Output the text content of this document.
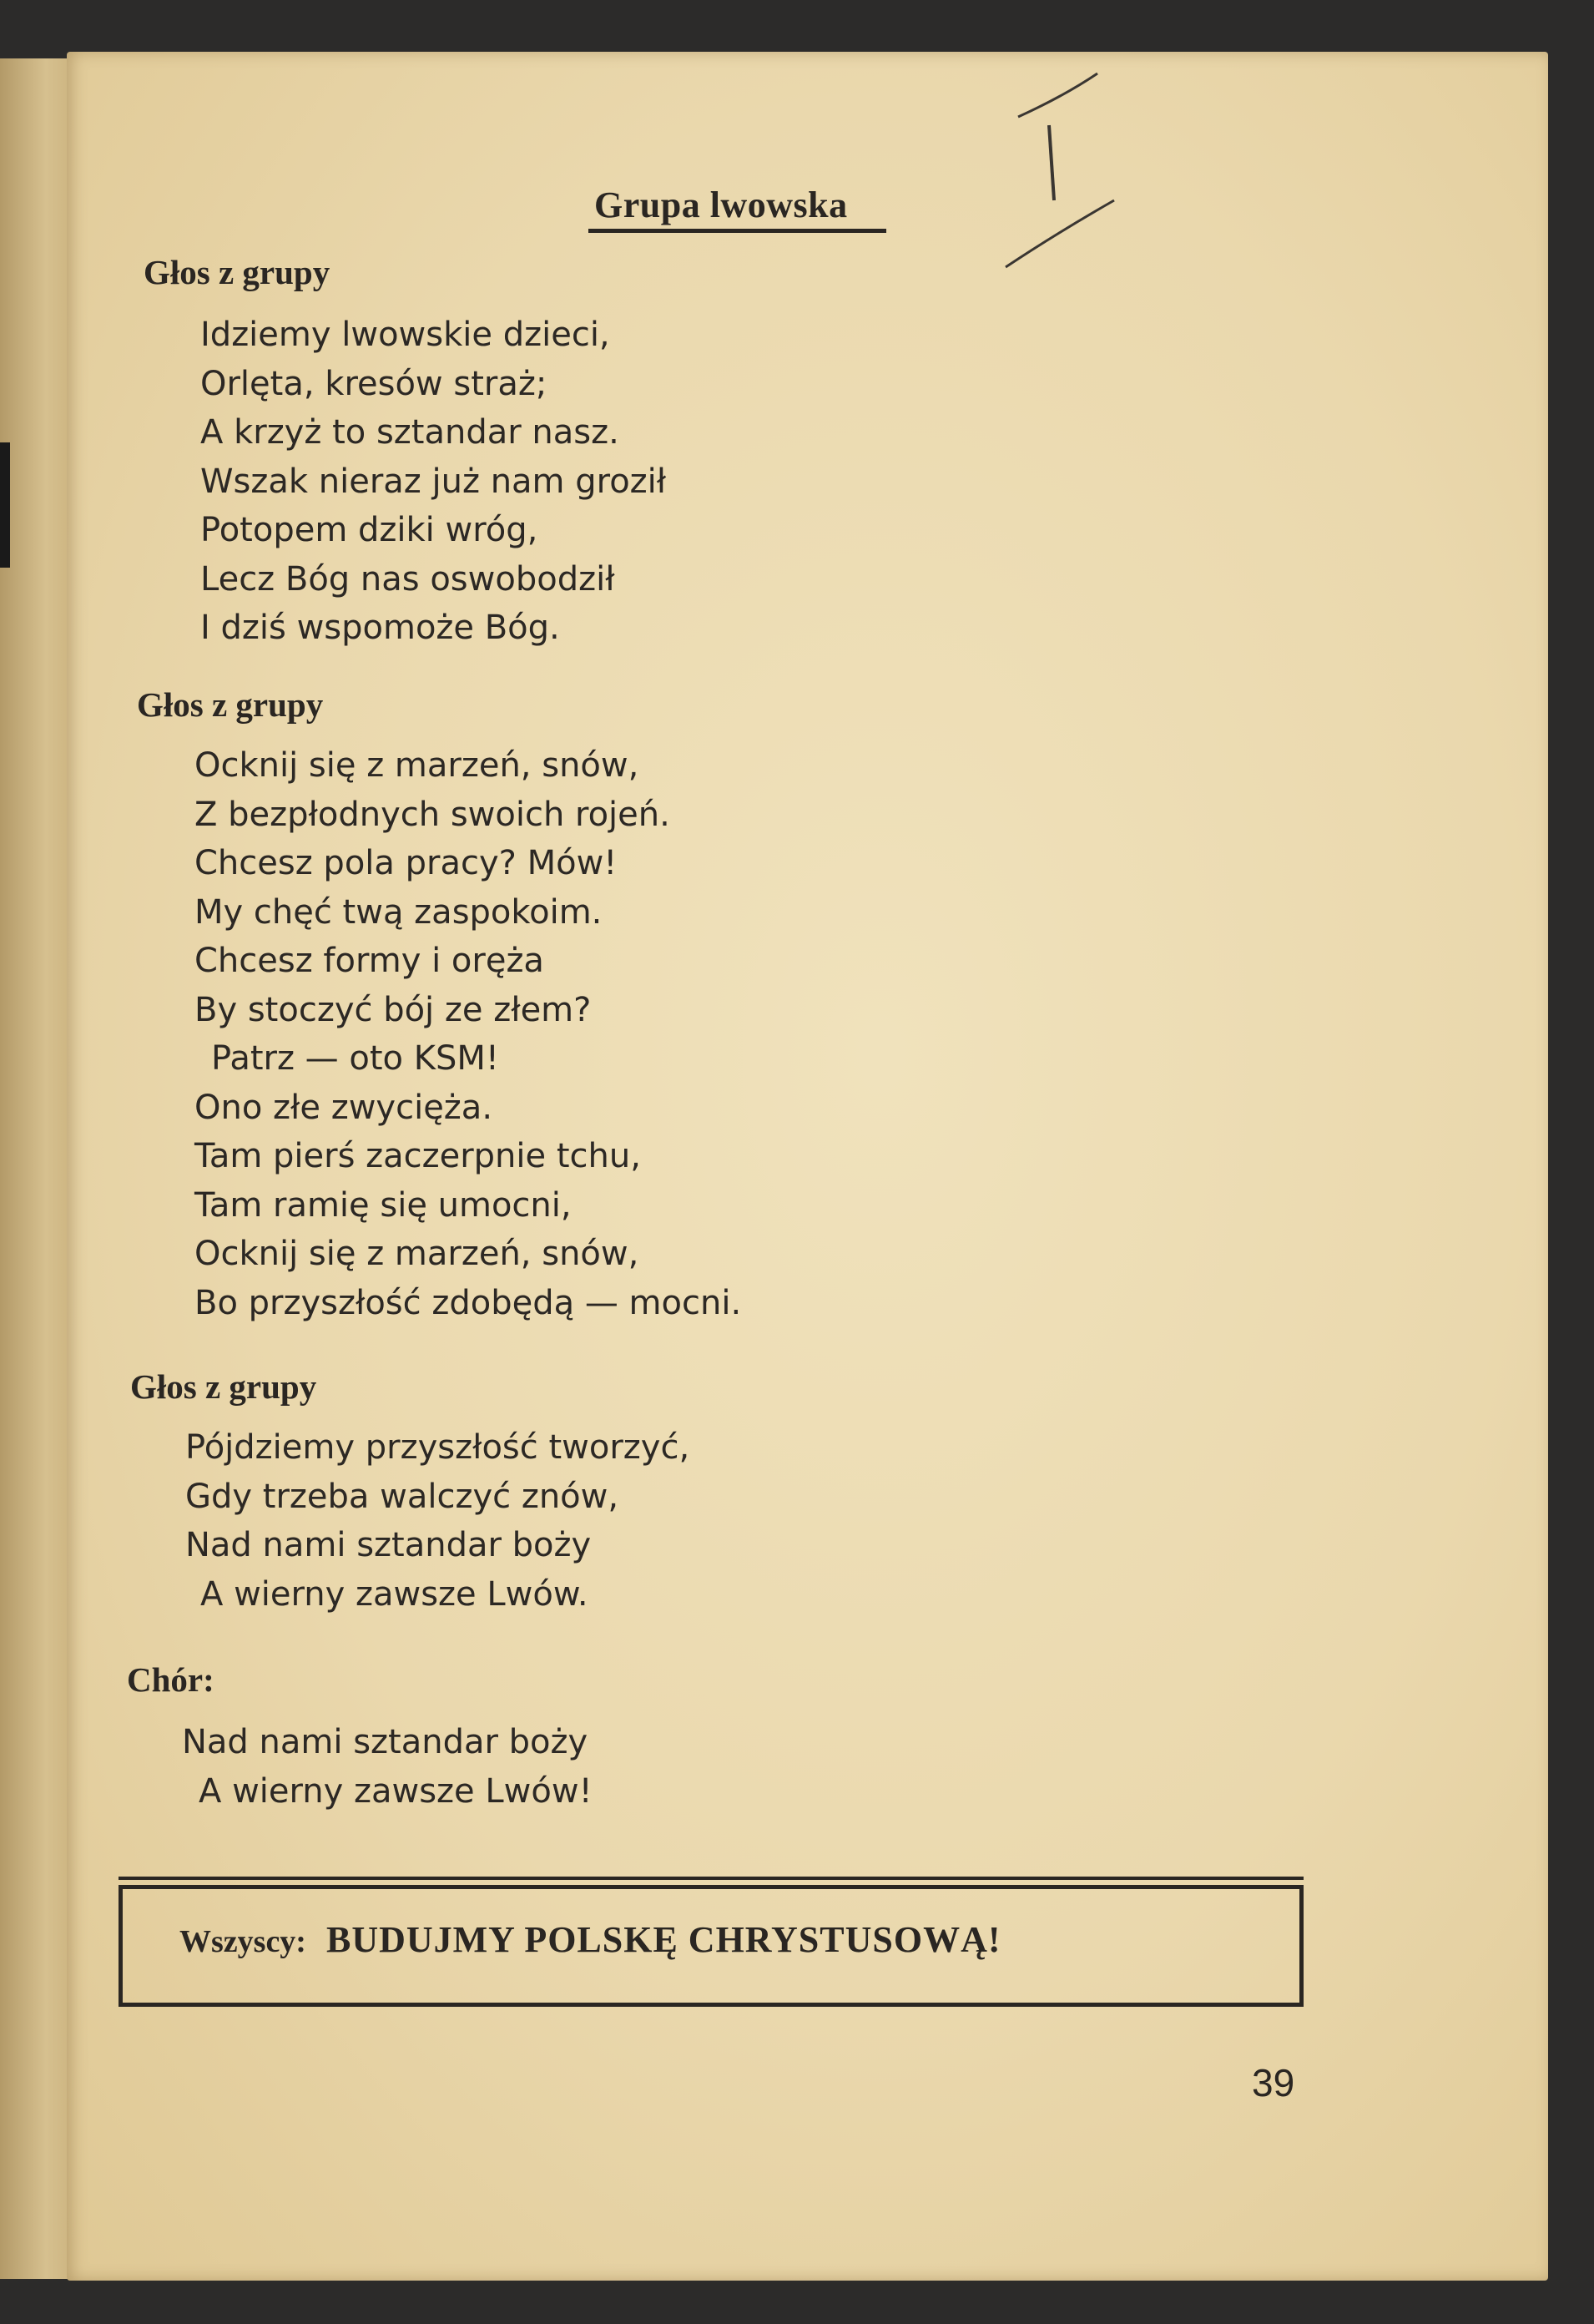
Grupa lwowska
Głos z grupy
Idziemy lwowskie dzieci,
Orlęta, kresów straż;
A krzyż to sztandar nasz.
Wszak nieraz już nam groził
Potopem dziki wróg,
Lecz Bóg nas oswobodził
I dziś wspomoże Bóg.
Głos z grupy
Ocknij się z marzeń, snów,
Z bezpłodnych swoich rojeń.
Chcesz pola pracy? Mów!
My chęć twą zaspokoim.
Chcesz formy i oręża
By stoczyć bój ze złem?
Patrz — oto KSM!
Ono złe zwycięża.
Tam pierś zaczerpnie tchu,
Tam ramię się umocni,
Ocknij się z marzeń, snów,
Bo przyszłość zdobędą — mocni.
Głos z grupy
Pójdziemy przyszłość tworzyć,
Gdy trzeba walczyć znów,
Nad nami sztandar boży
A wierny zawsze Lwów.
Chór:
Nad nami sztandar boży
A wierny zawsze Lwów!
Wszyscy: BUDUJMY POLSKĘ CHRYSTUSOWĄ!
39
